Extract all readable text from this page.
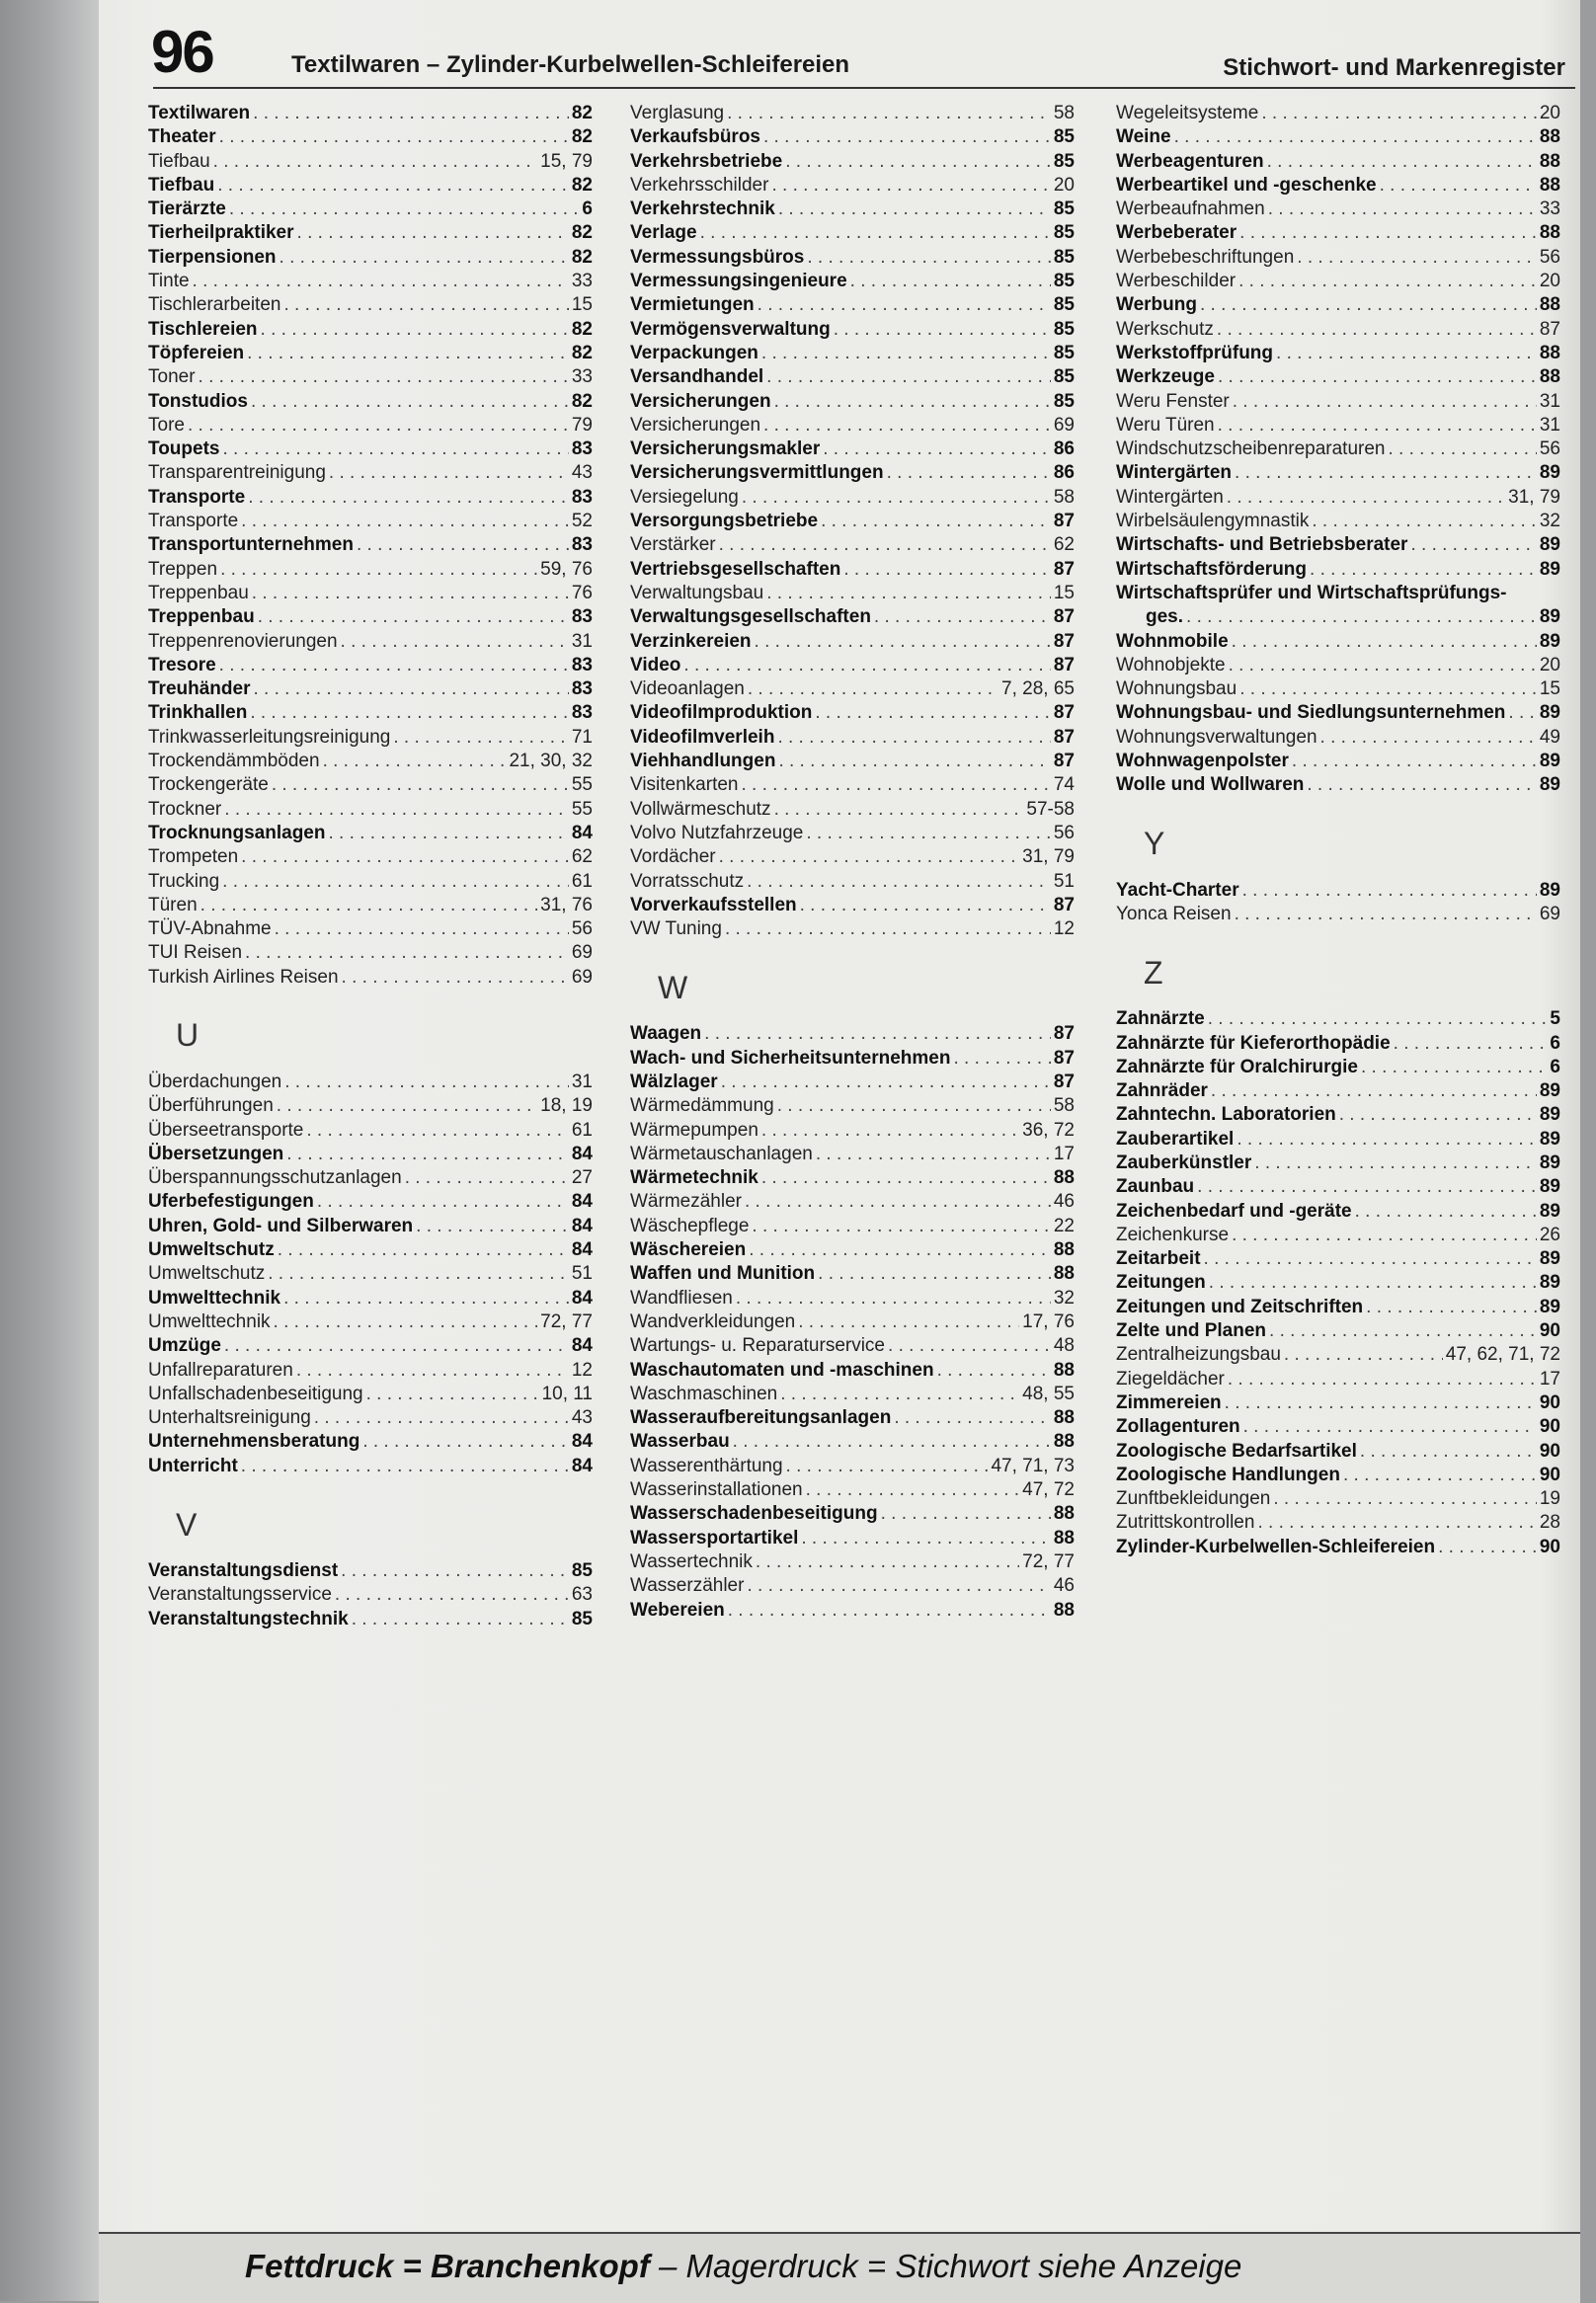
96	Textilwaren – Zylinder-Kurbelwellen-Schleifereien	Stichwort- und Markenregister
Textilwaren . . .	82
Theater . . .	82
Tiefbau . . .	15, 79
Tiefbau . . .	82
Tierärzte . . .	6
Tierheilpraktiker . . .	82
Tierpensionen . . .	82
Tinte . . .	33
Tischlerarbeiten . . .	15
Tischlereien . . .	82
Töpfereien . . .	82
Toner . . .	33
Tonstudios . . .	82
Tore . . .	79
Toupets . . .	83
Transparentreinigung . . .	43
Transporte . . .	83
Transporte . . .	52
Transportunternehmen . . .	83
Treppen . . .	59, 76
Treppenbau . . .	76
Treppenbau . . .	83
Treppenrenovierungen . . .	31
Tresore . . .	83
Treuhänder . . .	83
Trinkhallen . . .	83
Trinkwasserleitungsreinigung . . .	71
Trockendämmböden . . .	21, 30, 32
Trockengeräte . . .	55
Trockner . . .	55
Trocknungsanlagen . . .	84
Trompeten . . .	62
Trucking . . .	61
Türen . . .	31, 76
TÜV-Abnahme . . .	56
TUI Reisen . . .	69
Turkish Airlines Reisen . . .	69
U
Überdachungen . . .	31
Überführungen . . .	18, 19
Überseetransporte . . .	61
Übersetzungen . . .	84
Überspannungsschutzanlagen . . .	27
Uferbefestigungen . . .	84
Uhren, Gold- und Silberwaren . . .	84
Umweltschutz . . .	84
Umweltschutz . . .	51
Umwelttechnik . . .	84
Umwelttechnik . . .	72, 77
Umzüge . . .	84
Unfallreparaturen . . .	12
Unfallschadenbeseitigung . . .	10, 11
Unterhaltsreinigung . . .	43
Unternehmensberatung . . .	84
Unterricht . . .	84
V
Veranstaltungsdienst . . .	85
Veranstaltungsservice . . .	63
Veranstaltungstechnik . . .	85
Verglasung . . .	58
Verkaufsbüros . . .	85
Verkehrsbetriebe . . .	85
Verkehrsschilder . . .	20
Verkehrstechnik . . .	85
Verlage . . .	85
Vermessungsbüros . . .	85
Vermessungsingenieure . . .	85
Vermietungen . . .	85
Vermögensverwaltung . . .	85
Verpackungen . . .	85
Versandhandel . . .	85
Versicherungen . . .	85
Versicherungen . . .	69
Versicherungsmakler . . .	86
Versicherungsvermittlungen . . .	86
Versiegelung . . .	58
Versorgungsbetriebe . . .	87
Verstärker . . .	62
Vertriebsgesellschaften . . .	87
Verwaltungsbau . . .	15
Verwaltungsgesellschaften . . .	87
Verzinkereien . . .	87
Video . . .	87
Videoanlagen . . .	7, 28, 65
Videofilmproduktion . . .	87
Videofilmverleih . . .	87
Viehhandlungen . . .	87
Visitenkarten . . .	74
Vollwärmeschutz . . .	57-58
Volvo Nutzfahrzeuge . . .	56
Vordächer . . .	31, 79
Vorratsschutz . . .	51
Vorverkaufsstellen . . .	87
VW Tuning . . .	12
W
Waagen . . .	87
Wach- und Sicherheitsunternehmen . . .	87
Wälzlager . . .	87
Wärmedämmung . . .	58
Wärmepumpen . . .	36, 72
Wärmetauschanlagen . . .	17
Wärmetechnik . . .	88
Wärmezähler . . .	46
Wäschepflege . . .	22
Wäschereien . . .	88
Waffen und Munition . . .	88
Wandfliesen . . .	32
Wandverkleidungen . . .	17, 76
Wartungs- u. Reparaturservice . . .	48
Waschautomaten und -maschinen . . .	88
Waschmaschinen . . .	48, 55
Wasseraufbereitungsanlagen . . .	88
Wasserbau . . .	88
Wasserenthärtung . . .	47, 71, 73
Wasserinstallationen . . .	47, 72
Wasserschadenbeseitigung . . .	88
Wassersportartikel . . .	88
Wassertechnik . . .	72, 77
Wasserzähler . . .	46
Webereien . . .	88
Wegeleitsysteme . . .	20
Weine . . .	88
Werbeagenturen . . .	88
Werbeartikel und -geschenke . . .	88
Werbeaufnahmen . . .	33
Werbeberater . . .	88
Werbebeschriftungen . . .	56
Werbeschilder . . .	20
Werbung . . .	88
Werkschutz . . .	87
Werkstoffprüfung . . .	88
Werkzeuge . . .	88
Weru Fenster . . .	31
Weru Türen . . .	31
Windschutzscheibenreparaturen . . .	56
Wintergärten . . .	89
Wintergärten . . .	31, 79
Wirbelsäulengymnastik . . .	32
Wirtschafts- und Betriebsberater . . .	89
Wirtschaftsförderung . . .	89
Wirtschaftsprüfer und Wirtschaftsprüfungs-
ges. . . .	89
Wohnmobile . . .	89
Wohnobjekte . . .	20
Wohnungsbau . . .	15
Wohnungsbau- und Siedlungsunternehmen . . . 89
Wohnungsverwaltungen . . .	49
Wohnwagenpolster . . .	89
Wolle und Wollwaren . . .	89
Y
Yacht-Charter . . .	89
Yonca Reisen . . .	69
Z
Zahnärzte . . .	5
Zahnärzte für Kieferorthopädie . . .	6
Zahnärzte für Oralchirurgie . . .	6
Zahnräder . . .	89
Zahntechn. Laboratorien . . .	89
Zauberartikel . . .	89
Zauberkünstler . . .	89
Zaunbau . . .	89
Zeichenbedarf und -geräte . . .	89
Zeichenkurse . . .	26
Zeitarbeit . . .	89
Zeitungen . . .	89
Zeitungen und Zeitschriften . . .	89
Zelte und Planen . . .	90
Zentralheizungsbau . . .	47, 62, 71, 72
Ziegeldächer . . .	17
Zimmereien . . .	90
Zollagenturen . . .	90
Zoologische Bedarfsartikel . . .	90
Zoologische Handlungen . . .	90
Zunftbekleidungen . . .	19
Zutrittskontrollen . . .	28
Zylinder-Kurbelwellen-Schleifereien . . .	90
Fettdruck = Branchenkopf – Magerdruck = Stichwort siehe Anzeige
